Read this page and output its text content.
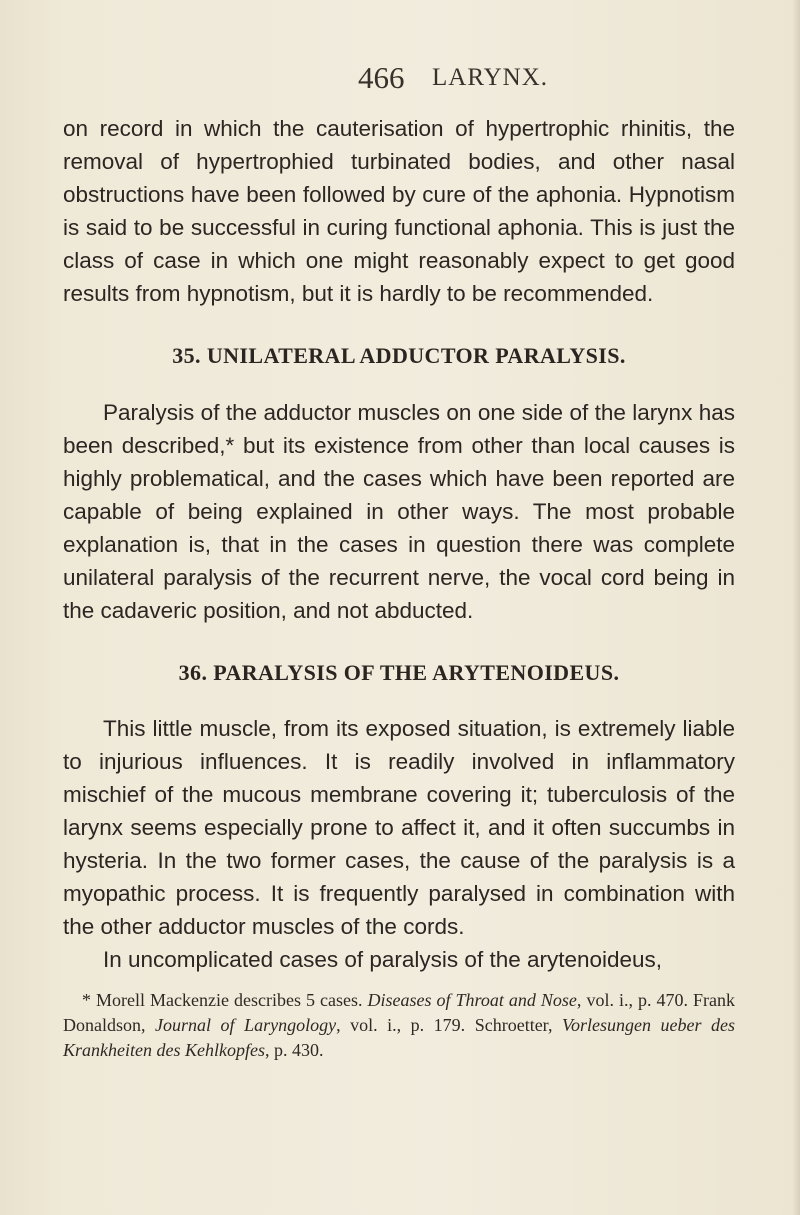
466 LARYNX.

on record in which the cauterisation of hypertrophic rhinitis, the removal of hypertrophied turbinated bodies, and other nasal obstructions have been followed by cure of the aphonia. Hypnotism is said to be successful in curing functional aphonia. This is just the class of case in which one might reasonably expect to get good results from hypnotism, but it is hardly to be recommended.

35. UNILATERAL ADDUCTOR PARALYSIS.

Paralysis of the adductor muscles on one side of the larynx has been described,* but its existence from other than local causes is highly problematical, and the cases which have been reported are capable of being explained in other ways. The most probable explanation is, that in the cases in question there was complete unilateral paralysis of the recurrent nerve, the vocal cord being in the cadaveric position, and not abducted.

36. PARALYSIS OF THE ARYTENOIDEUS.

This little muscle, from its exposed situation, is extremely liable to injurious influences. It is readily involved in inflammatory mischief of the mucous membrane covering it; tuberculosis of the larynx seems especially prone to affect it, and it often succumbs in hysteria. In the two former cases, the cause of the paralysis is a myopathic process. It is frequently paralysed in combination with the other adductor muscles of the cords.

In uncomplicated cases of paralysis of the arytenoideus,

* Morell Mackenzie describes 5 cases. Diseases of Throat and Nose, vol. i., p. 470. Frank Donaldson, Journal of Laryngology, vol. i., p. 179. Schroetter, Vorlesungen ueber des Krankheiten des Kehlkopfes, p. 430.
